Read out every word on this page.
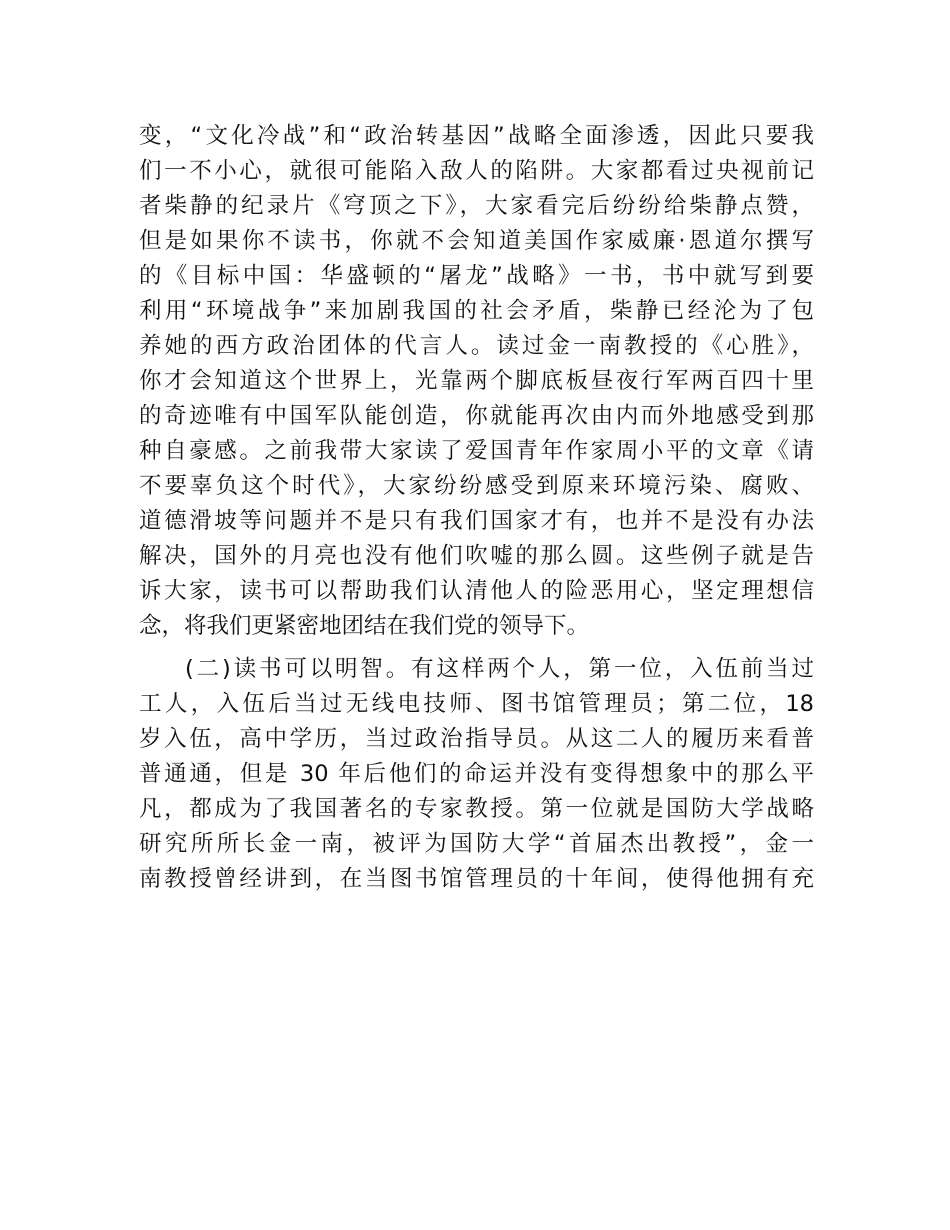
变，“文化冷战”和“政治转基因”战略全面渗透，因此只要我
们一不小心，就很可能陷入敌人的陷阱。大家都看过央视前记
者柴静的纪录片《穹顶之下》，大家看完后纷纷给柴静点赞，
但是如果你不读书，你就不会知道美国作家威廉·恩道尔撰写
的《目标中国：华盛顿的“屠龙”战略》一书，书中就写到要
利用“环境战争”来加剧我国的社会矛盾，柴静已经沦为了包
养她的西方政治团体的代言人。读过金一南教授的《心胜》，
你才会知道这个世界上，光靠两个脚底板昼夜行军两百四十里
的奇迹唯有中国军队能创造，你就能再次由内而外地感受到那
种自豪感。之前我带大家读了爱国青年作家周小平的文章《请
不要辜负这个时代》，大家纷纷感受到原来环境污染、腐败、
道德滑坡等问题并不是只有我们国家才有，也并不是没有办法
解决，国外的月亮也没有他们吹嘘的那么圆。这些例子就是告
诉大家，读书可以帮助我们认清他人的险恶用心，坚定理想信
念，将我们更紧密地团结在我们党的领导下。
(二)读书可以明智。有这样两个人，第一位，入伍前当过
工人，入伍后当过无线电技师、图书馆管理员；第二位，18
岁入伍，高中学历，当过政治指导员。从这二人的履历来看普
普通通，但是 30 年后他们的命运并没有变得想象中的那么平
凡，都成为了我国著名的专家教授。第一位就是国防大学战略
研究所所长金一南，被评为国防大学“首届杰出教授”，金一
南教授曾经讲到，在当图书馆管理员的十年间，使得他拥有充
